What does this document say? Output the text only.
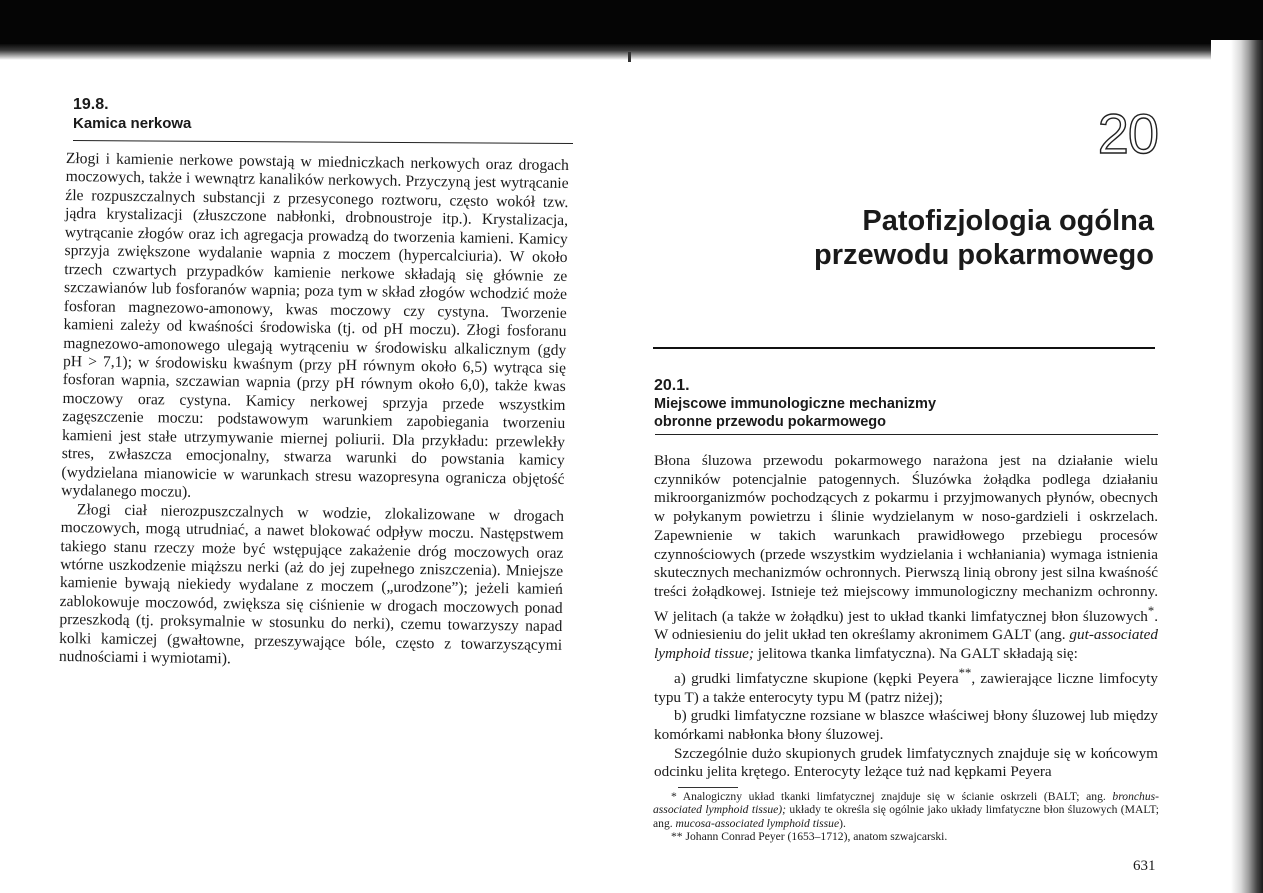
19.8.
Kamica nerkowa

Złogi i kamienie nerkowe powstają w miedniczkach nerkowych oraz drogach moczowych, także i wewnątrz kanalików nerkowych. Przyczyną jest wytrącanie źle rozpuszczalnych substancji z przesyconego roztworu, często wokół tzw. jądra krystalizacji (złuszczone nabłonki, drobnoustroje itp.). Krystalizacja, wytrącanie złogów oraz ich agregacja prowadzą do tworzenia kamieni. Kamicy sprzyja zwiększone wydalanie wapnia z moczem (hypercalciuria). W około trzech czwartych przypadków kamienie nerkowe składają się głównie ze szczawianów lub fosforanów wapnia; poza tym w skład złogów wchodzić może fosforan magnezowo-amonowy, kwas moczowy czy cystyna. Tworzenie kamieni zależy od kwaśności środowiska (tj. od pH moczu). Złogi fosforanu magnezowo-amonowego ulegają wytrąceniu w środowisku alkalicznym (gdy pH > 7,1); w środowisku kwaśnym (przy pH równym około 6,5) wytrąca się fosforan wapnia, szczawian wapnia (przy pH równym około 6,0), także kwas moczowy oraz cystyna. Kamicy nerkowej sprzyja przede wszystkim zagęszczenie moczu: podstawowym warunkiem zapobiegania tworzeniu kamieni jest stałe utrzymywanie miernej poliurii. Dla przykładu: przewlekły stres, zwłaszcza emocjonalny, stwarza warunki do powstania kamicy (wydzielana mianowicie w warunkach stresu wazopresyna ogranicza objętość wydalanego moczu).

Złogi ciał nierozpuszczalnych w wodzie, zlokalizowane w drogach moczowych, mogą utrudniać, a nawet blokować odpływ moczu. Następstwem takiego stanu rzeczy może być wstępujące zakażenie dróg moczowych oraz wtórne uszkodzenie miąższu nerki (aż do jej zupełnego zniszczenia). Mniejsze kamienie bywają niekiedy wydalane z moczem („urodzone”); jeżeli kamień zablokowuje moczowód, zwiększa się ciśnienie w drogach moczowych ponad przeszkodą (tj. proksymalnie w stosunku do nerki), czemu towarzyszy napad kolki kamiczej (gwałtowne, przeszywające bóle, często z towarzyszącymi nudnościami i wymiotami).

20
Patofizjologia ogólna
przewodu pokarmowego
20.1.
Miejscowe immunologiczne mechanizmy
obronne przewodu pokarmowego

Błona śluzowa przewodu pokarmowego narażona jest na działanie wielu czynników potencjalnie patogennych. Śluzówka żołądka podlega działaniu mikroorganizmów pochodzących z pokarmu i przyjmowanych płynów, obecnych w połykanym powietrzu i ślinie wydzielanym w noso-gardzieli i oskrzelach. Zapewnienie w takich warunkach prawidłowego przebiegu procesów czynnościowych (przede wszystkim wydzielania i wchłaniania) wymaga istnienia skutecznych mechanizmów ochronnych. Pierwszą linią obrony jest silna kwaśność treści żołądkowej. Istnieje też miejscowy immunologiczny mechanizm ochronny. W jelitach (a także w żołądku) jest to układ tkanki limfatycznej błon śluzowych*. W odniesieniu do jelit układ ten określamy akronimem GALT (ang. gut-associated lymphoid tissue; jelitowa tkanka limfatyczna). Na GALT składają się:

a) grudki limfatyczne skupione (kępki Peyera**, zawierające liczne limfocyty typu T) a także enterocyty typu M (patrz niżej);

b) grudki limfatyczne rozsiane w blaszce właściwej błony śluzowej lub między komórkami nabłonka błony śluzowej.

Szczególnie dużo skupionych grudek limfatycznych znajduje się w końcowym odcinku jelita krętego. Enterocyty leżące tuż nad kępkami Peyera

* Analogiczny układ tkanki limfatycznej znajduje się w ścianie oskrzeli (BALT; ang. bronchus-associated lymphoid tissue); układy te określa się ogólnie jako układy limfatyczne błon śluzowych (MALT; ang. mucosa-associated lymphoid tissue).

** Johann Conrad Peyer (1653–1712), anatom szwajcarski.

631
